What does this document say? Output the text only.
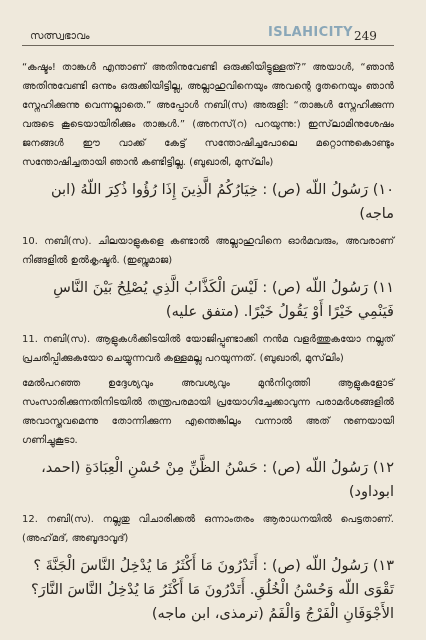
സത്സ്വഭാവം	ISLAHICITY 249

“കഷ്ടം! താങ്കൾ എന്താണ് അതിനുവേണ്ടി ഒരുക്കിയിട്ടുള്ളത്?” അയാൾ, “ഞാൻ അതിനുവേണ്ടി ഒന്നും ഒരുക്കിയിട്ടില്ല, അല്ലാഹുവിനെയും അവന്റെ ദൂതനെയും ഞാൻ സ്നേഹിക്കുന്നു വെന്നല്ലാതെ.” അപ്പോൾ നബി(സ) അരുളി: “താങ്കൾ സ്നേഹിക്കുന്ന വരുടെ കൂടെയായിരിക്കും താങ്കൾ.” (അനസ്(റ) പറയുന്നു:) ഇസ്‌ലാമിനുശേഷം ജനങ്ങൾ ഈ വാക്ക് കേട്ട് സന്തോഷിച്ചപോലെ മറ്റൊന്നുകൊണ്ടും സന്തോഷിച്ചതായി ഞാൻ കണ്ടിട്ടില്ല. (ബുഖാരി, മുസ്‌ലിം)

١٠) رَسُولُ اللّه (ص) : خِيَارُكُمُ الَّذِينَ إِذَا رُؤُوا ذُكِرَ اللّهُ (ابن ماجه)

10. നബി(സ). ചിലയാളുകളെ കണ്ടാൽ അല്ലാഹുവിനെ ഓർമവരും, അവരാണ് നിങ്ങളിൽ ഉൽകൃഷ്ടർ. (ഇബ്നുമാജ)

١١) رَسُولُ اللّه (ص) : لَيْسَ الْكَذَّابُ الَّذِي يُصْلِحُ بَيْنَ النَّاسِ فَيَنْمِي خَيْرًا أَوْ يَقُولُ خَيْرًا. (متفق عليه)

11. നബി(സ). ആളുകൾക്കിടയിൽ യോജിപ്പുണ്ടാക്കി നൻമ വളർത്തുകയോ നല്ലത് പ്രചരിപ്പിക്കുകയോ ചെയ്യുന്നവർ കള്ളമല്ല പറയുന്നത്. (ബുഖാരി, മുസ്‌ലിം)

മേൽപറഞ്ഞ ഉദ്ദേശ്യവും അവശ്യവും മുൻനിറുത്തി ആളുകളോട് സംസാരിക്കുന്നതിനിടയിൽ തന്ത്രപരമായി പ്രയോഗിച്ചേക്കാവുന്ന പരാമർശങ്ങളിൽ അവാസ്തവമെന്നു തോന്നിക്കുന്ന എന്തെങ്കിലും വന്നാൽ അത് നുണയായി ഗണിച്ചുകൂടാ.

١٢) رَسُولُ اللّه (ص) : حَسْنُ الظَّنِّ مِنْ حُسْنِ الْعِبَادَةِ (احمد، ابوداود)

12. നബി(സ). നല്ലതു വിചാരിക്കൽ ഒന്നാംതരം ആരാധനയിൽ പെട്ടതാണ്. (അഹ്‌മദ്, അബൂദാവൂദ്)

١٣) رَسُولُ اللّه (ص) : أَتَدْرُونَ مَا أَكْثَرُ مَا يُدْخِلُ النَّاسَ الْجَنَّةَ ؟ تَقْوَى اللّه وَحُسْنُ الْخُلُقِ. أَتَدْرُونَ مَا أَكْثَرُ مَا يُدْخِلُ النَّاسَ النَّارَ؟ الأَجْوَفَانِ الْفَرْجُ وَالْفَمُ (ترمذى، ابن ماجه)
